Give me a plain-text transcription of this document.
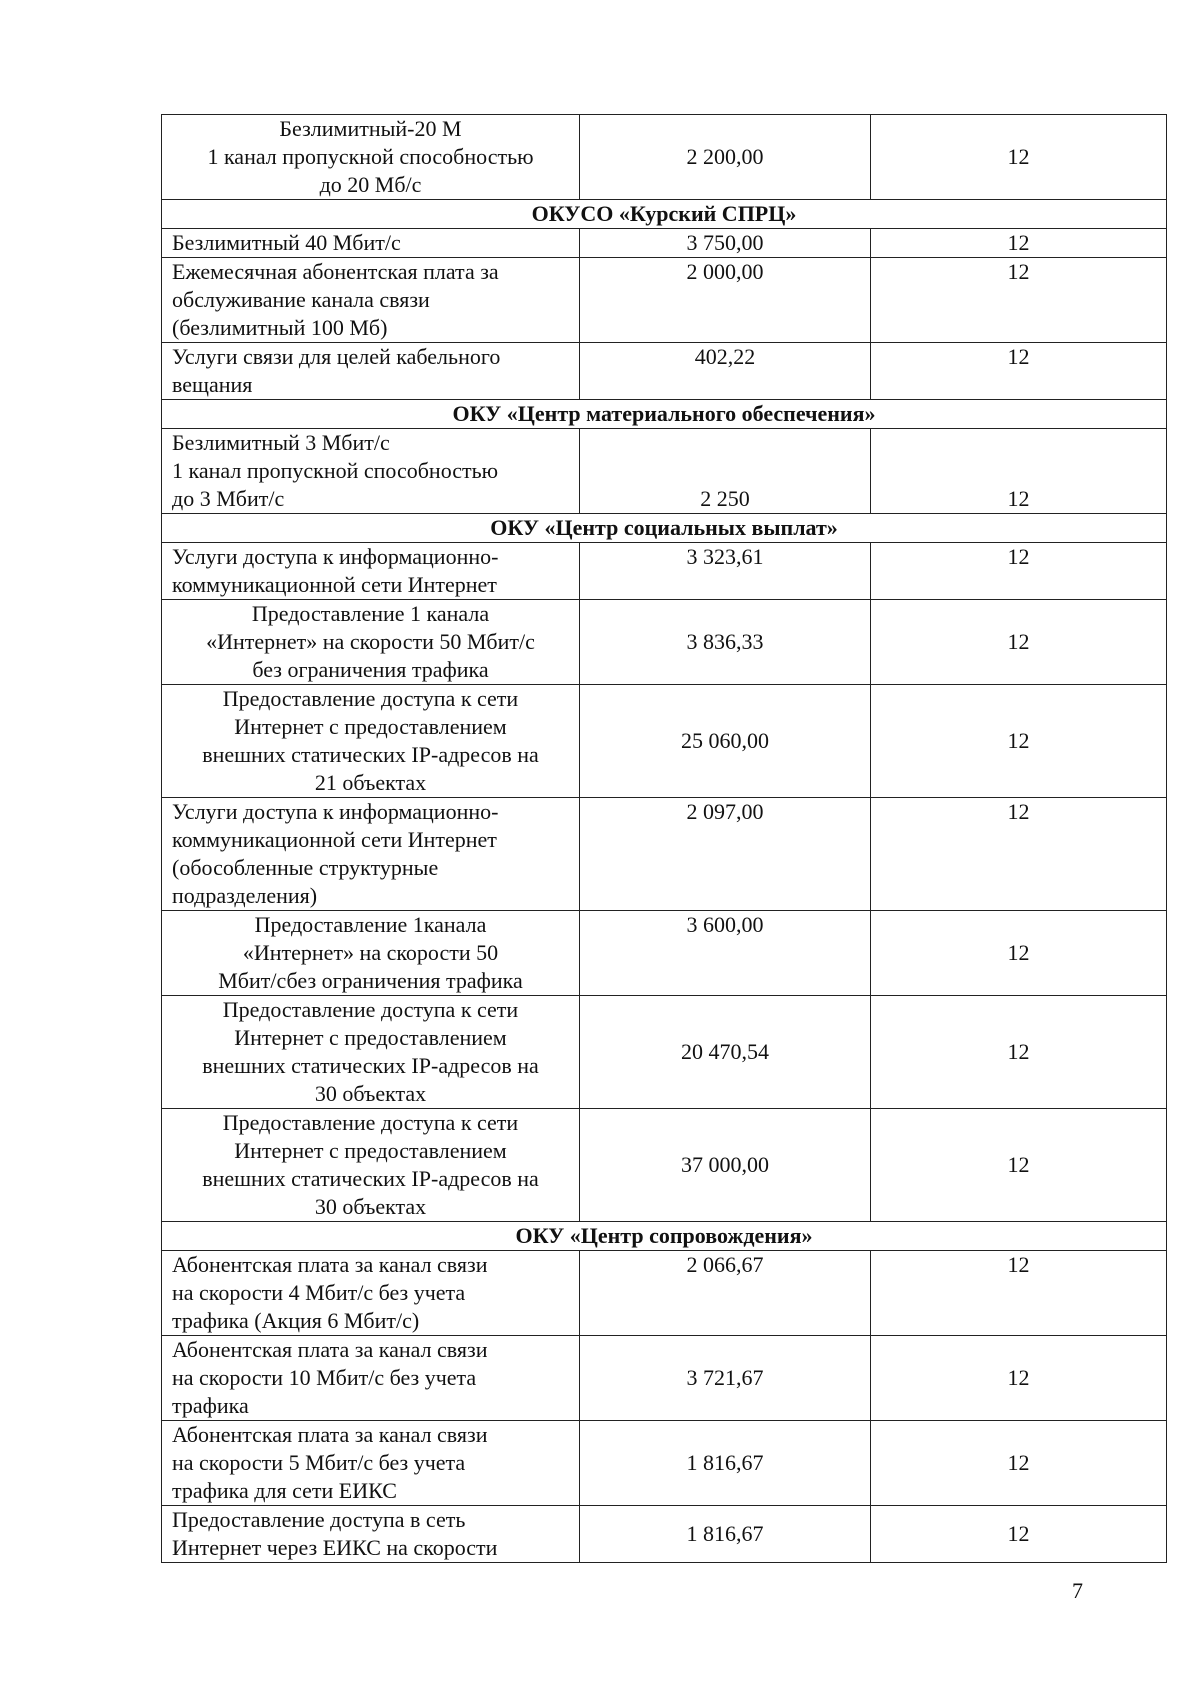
Безлимитный-20 М
1 канал пропускной способностью
до 20 Мб/с	2 200,00	12
ОКУСО «Курский СПРЦ»		

Безлимитный 40 Мбит/с	3 750,00	12

Ежемесячная абонентская плата за
обслуживание канала связи
(безлимитный 100 Мб)	2 000,00	12

Услуги связи для целей кабельного
вещания	402,22	12
ОКУ «Центр материального обеспечения»		

Безлимитный 3 Мбит/с
1 канал пропускной способностью
до 3 Мбит/с	2 250	12
ОКУ «Центр социальных выплат»		

Услуги доступа к информационно-
коммуникационной сети Интернет	3 323,61	12

Предоставление 1 канала
«Интернет» на скорости 50 Мбит/с
без ограничения трафика	3 836,33	12

Предоставление доступа к сети
Интернет с предоставлением
внешних статических IP-адресов на
21 объектах	25 060,00	12

Услуги доступа к информационно-
коммуникационной сети Интернет
(обособленные структурные
подразделения)	2 097,00	12

Предоставление 1канала
«Интернет» на скорости 50
Мбит/сбез ограничения трафика	3 600,00	12

Предоставление доступа к сети
Интернет с предоставлением
внешних статических IP-адресов на
30 объектах	20 470,54	12

Предоставление доступа к сети
Интернет с предоставлением
внешних статических IP-адресов на
30 объектах	37 000,00	12
ОКУ «Центр сопровождения»		

Абонентская плата за канал связи
на скорости 4 Мбит/с без учета
трафика (Акция 6 Мбит/с)	2 066,67	12

Абонентская плата за канал связи
на скорости 10 Мбит/с без учета
трафика	3 721,67	12

Абонентская плата за канал связи
на скорости 5 Мбит/с без учета
трафика для сети ЕИКС	1 816,67	12

Предоставление доступа в сеть
Интернет через ЕИКС на скорости	1 816,67	12
7
